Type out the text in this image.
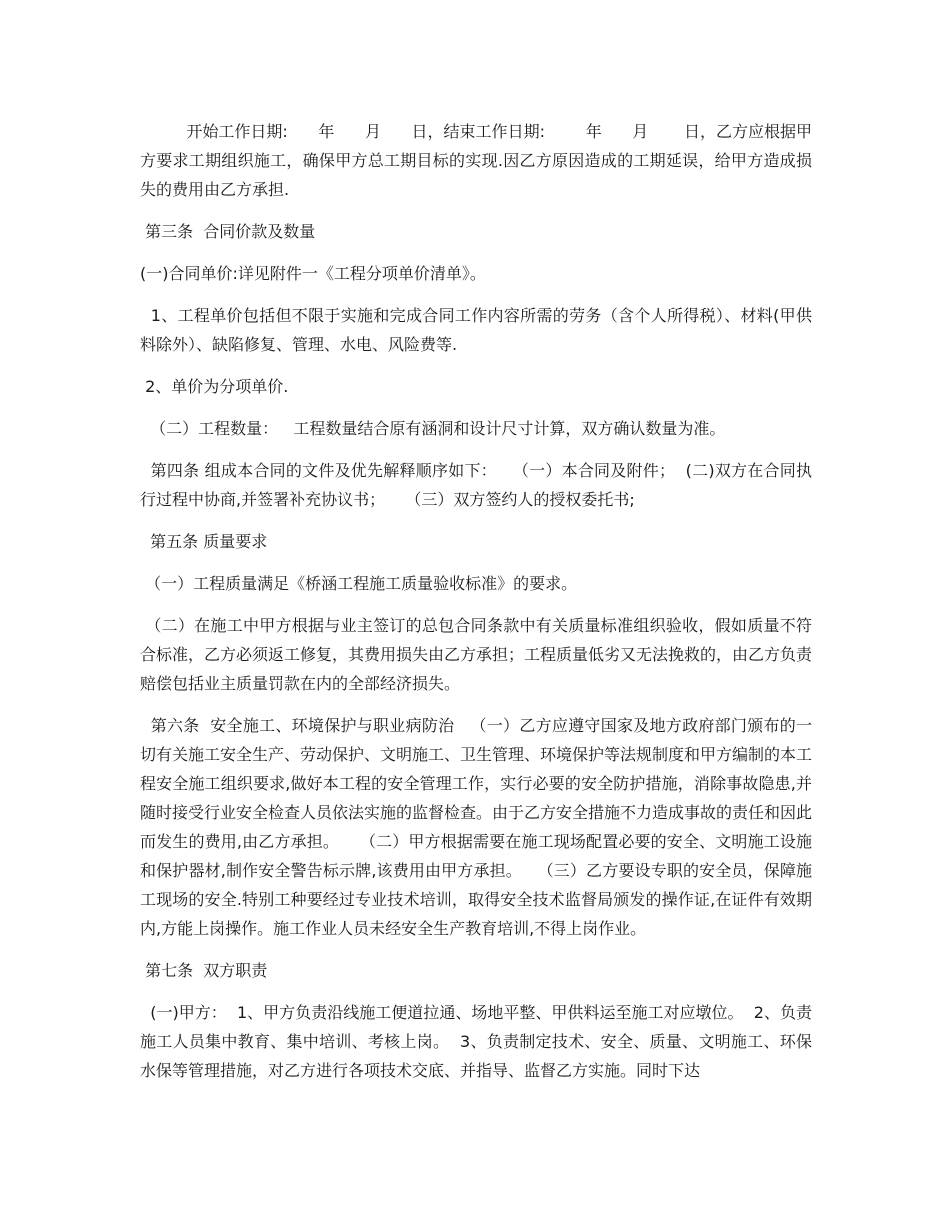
开始工作日期:      年      月      日，结束工作日期:        年      月       日，乙方应根据甲方要求工期组织施工，确保甲方总工期目标的实现.因乙方原因造成的工期延误，给甲方造成损失的费用由乙方承担.

第三条  合同价款及数量

(一)合同单价:详见附件一《工程分项单价清单》。

1、工程单价包括但不限于实施和完成合同工作内容所需的劳务（含个人所得税）、材料(甲供料除外）、缺陷修复、管理、水电、风险费等.

2、单价为分项单价.

（二）工程数量：   工程数量结合原有涵洞和设计尺寸计算，双方确认数量为准。

第四条 组成本合同的文件及优先解释顺序如下：   （一）本合同及附件；  (二)双方在合同执行过程中协商,并签署补充协议书；    （三）双方签约人的授权委托书;

第五条 质量要求

（一）工程质量满足《桥涵工程施工质量验收标准》的要求。

（二）在施工中甲方根据与业主签订的总包合同条款中有关质量标准组织验收，假如质量不符合标准，乙方必须返工修复，其费用损失由乙方承担；工程质量低劣又无法挽救的，由乙方负责赔偿包括业主质量罚款在内的全部经济损失。

第六条  安全施工、环境保护与职业病防治   （一）乙方应遵守国家及地方政府部门颁布的一切有关施工安全生产、劳动保护、文明施工、卫生管理、环境保护等法规制度和甲方编制的本工程安全施工组织要求,做好本工程的安全管理工作，实行必要的安全防护措施，消除事故隐患,并随时接受行业安全检查人员依法实施的监督检查。由于乙方安全措施不力造成事故的责任和因此而发生的费用,由乙方承担。    （二）甲方根据需要在施工现场配置必要的安全、文明施工设施和保护器材,制作安全警告标示牌,该费用由甲方承担。   （三）乙方要设专职的安全员，保障施工现场的安全.特别工种要经过专业技术培训，取得安全技术监督局颁发的操作证,在证件有效期内,方能上岗操作。施工作业人员未经安全生产教育培训,不得上岗作业。

第七条  双方职责

(一)甲方：  1、甲方负责沿线施工便道拉通、场地平整、甲供料运至施工对应墩位。  2、负责施工人员集中教育、集中培训、考核上岗。  3、负责制定技术、安全、质量、文明施工、环保水保等管理措施，对乙方进行各项技术交底、并指导、监督乙方实施。同时下达
